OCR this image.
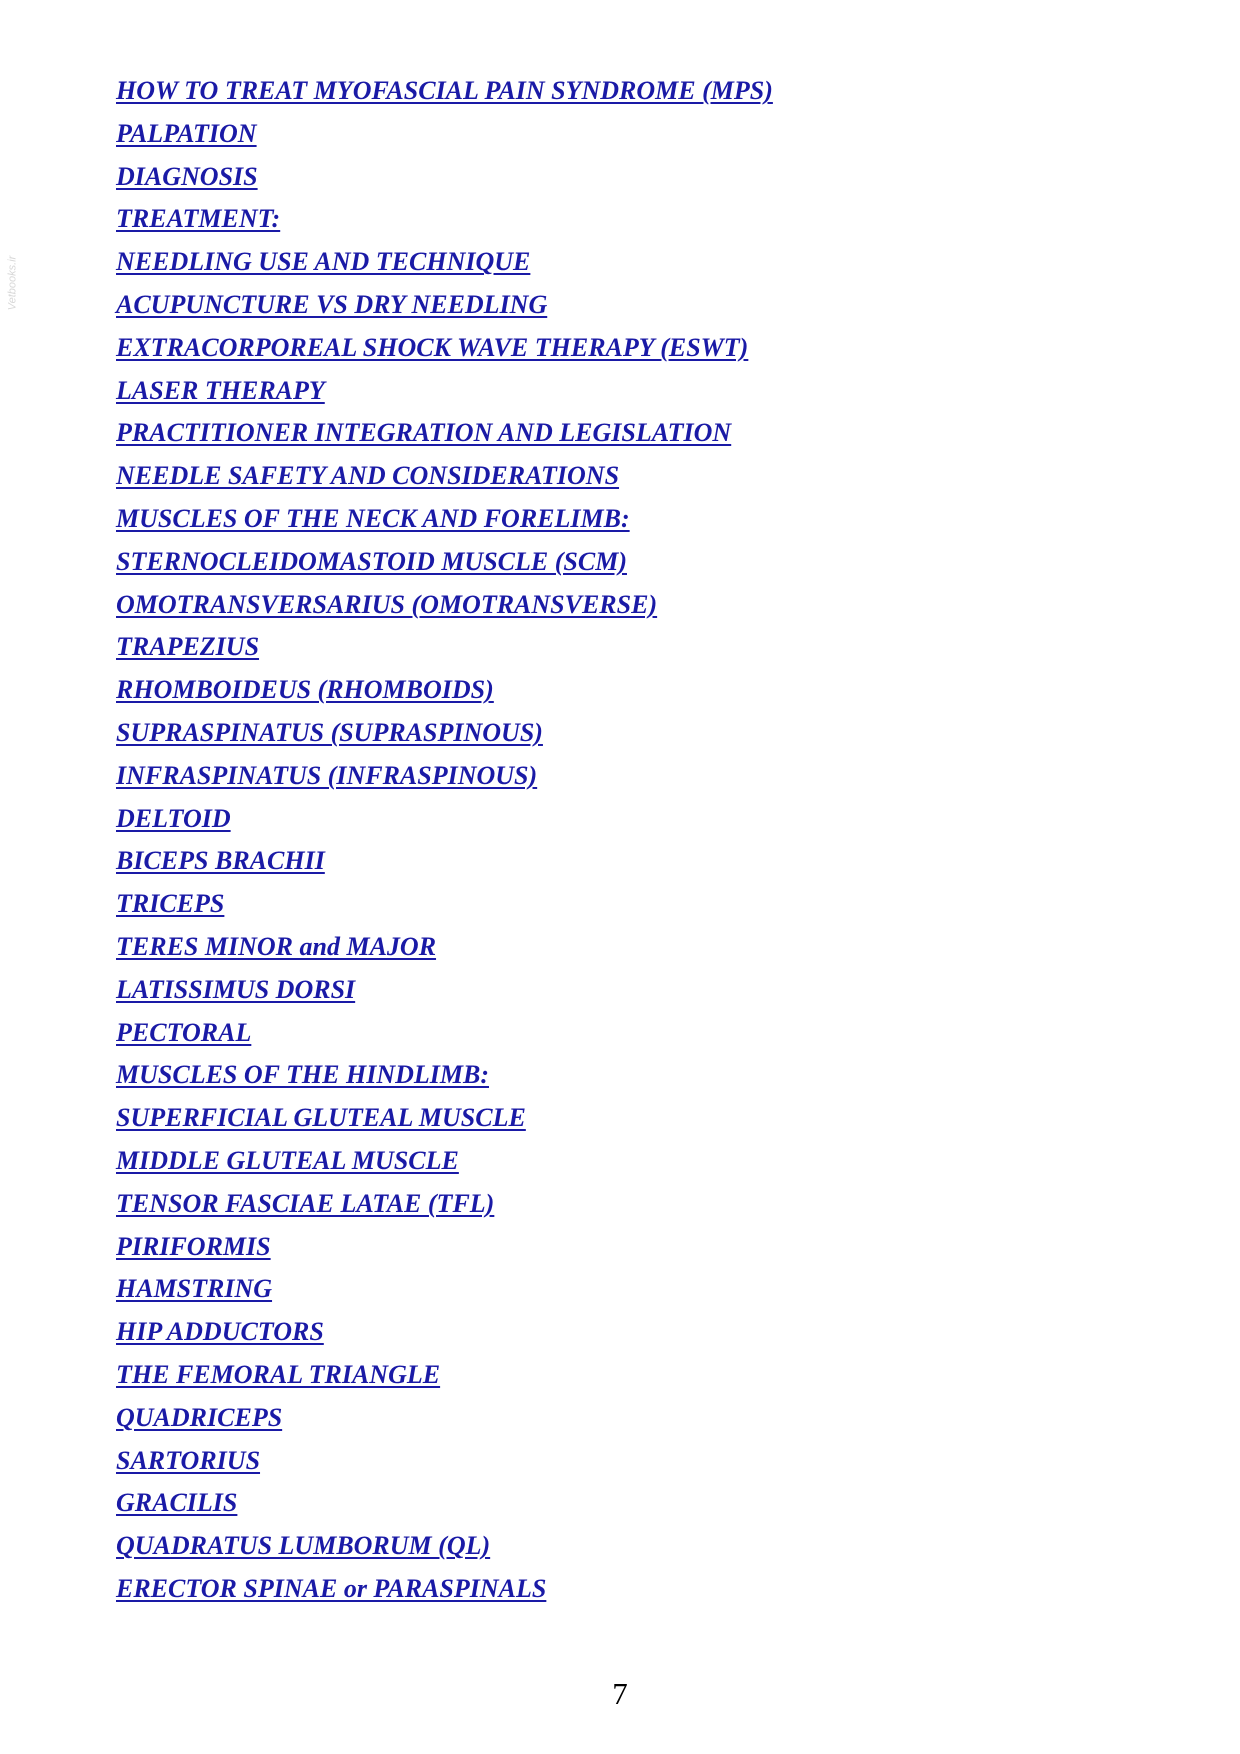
Vetbooks.ir
HOW TO TREAT MYOFASCIAL PAIN SYNDROME (MPS)
PALPATION
DIAGNOSIS
TREATMENT:
NEEDLING USE AND TECHNIQUE
ACUPUNCTURE VS DRY NEEDLING
EXTRACORPOREAL SHOCK WAVE THERAPY (ESWT)
LASER THERAPY
PRACTITIONER INTEGRATION AND LEGISLATION
NEEDLE SAFETY AND CONSIDERATIONS
MUSCLES OF THE NECK AND FORELIMB:
STERNOCLEIDOMASTOID MUSCLE (SCM)
OMOTRANSVERSARIUS (OMOTRANSVERSE)
TRAPEZIUS
RHOMBOIDEUS (RHOMBOIDS)
SUPRASPINATUS (SUPRASPINOUS)
INFRASPINATUS (INFRASPINOUS)
DELTOID
BICEPS BRACHII
TRICEPS
TERES MINOR and MAJOR
LATISSIMUS DORSI
PECTORAL
MUSCLES OF THE HINDLIMB:
SUPERFICIAL GLUTEAL MUSCLE
MIDDLE GLUTEAL MUSCLE
TENSOR FASCIAE LATAE (TFL)
PIRIFORMIS
HAMSTRING
HIP ADDUCTORS
THE FEMORAL TRIANGLE
QUADRICEPS
SARTORIUS
GRACILIS
QUADRATUS LUMBORUM (QL)
ERECTOR SPINAE or PARASPINALS
7
